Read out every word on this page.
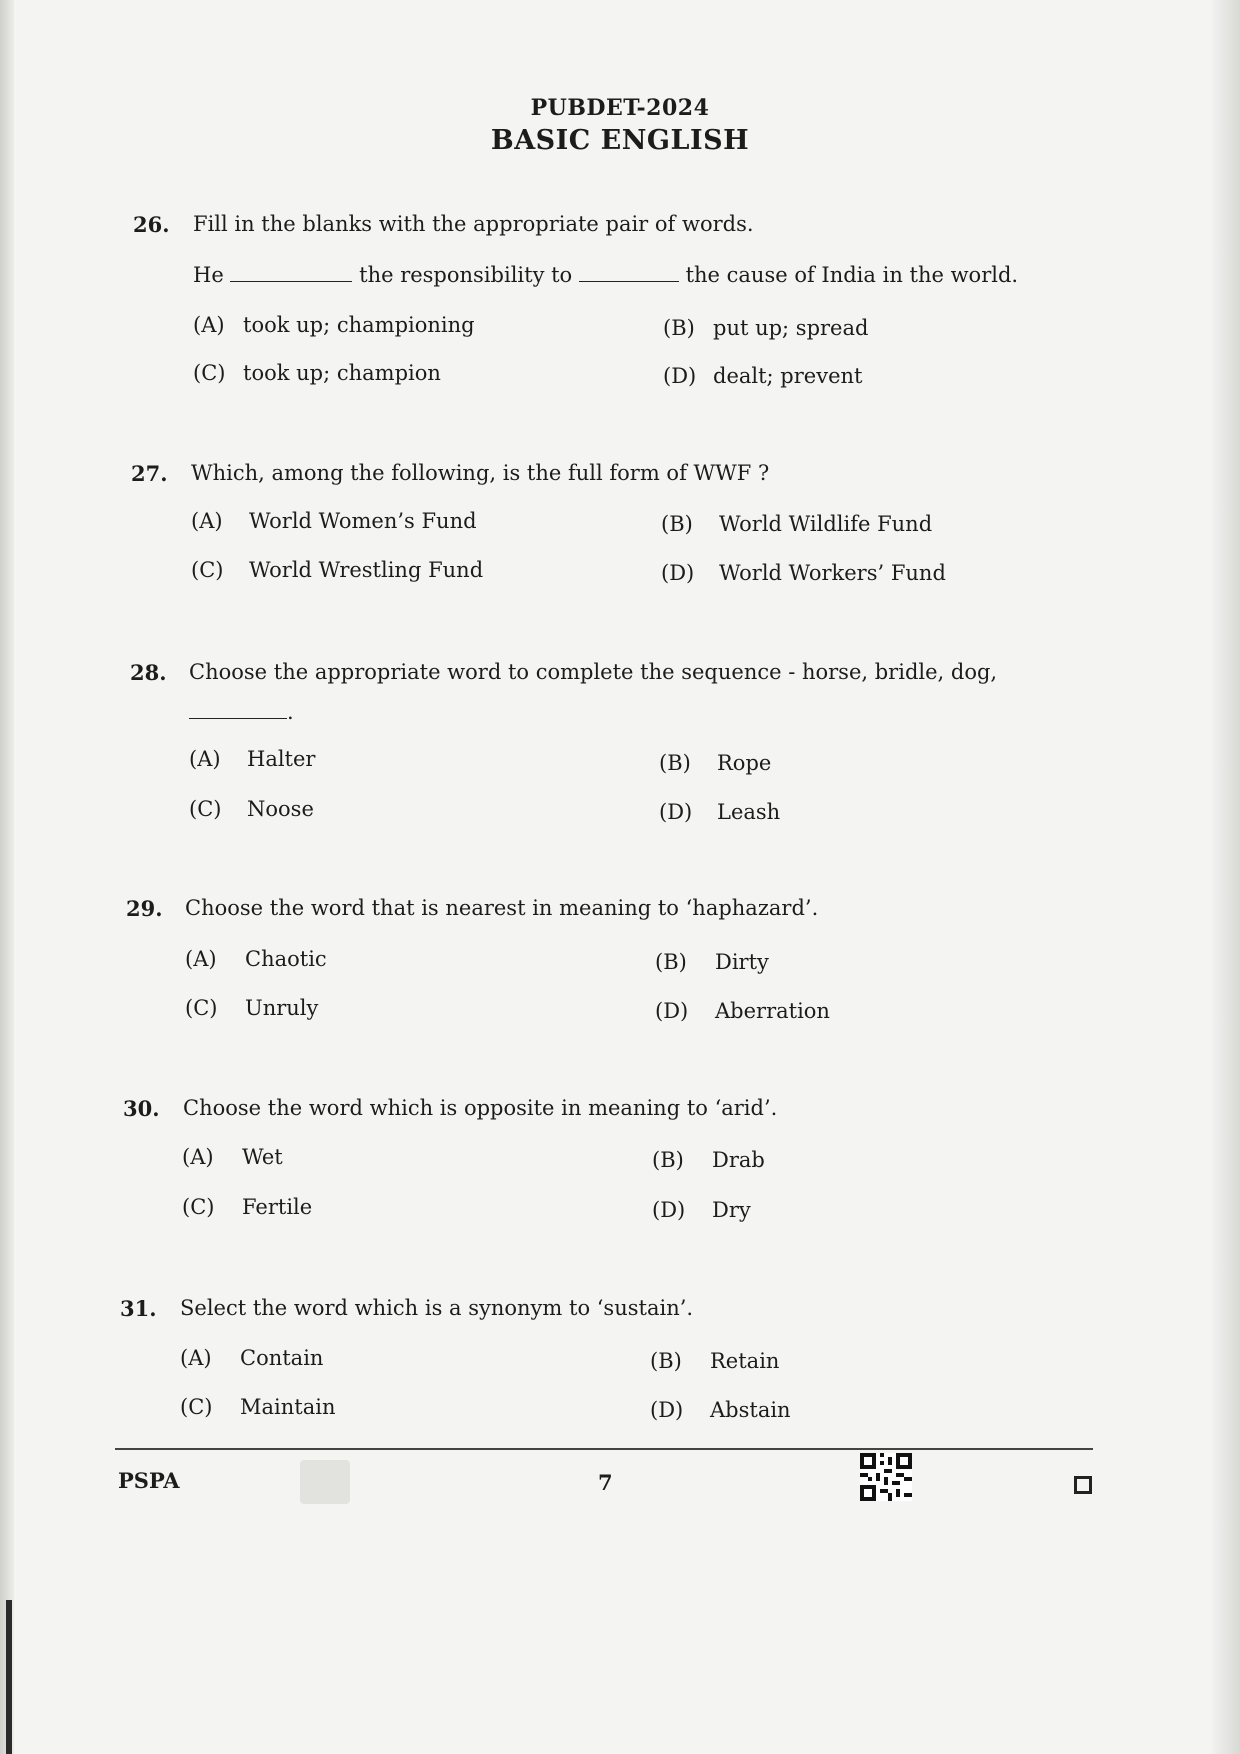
PUBDET-2024
BASIC ENGLISH
26. Fill in the blanks with the appropriate pair of words.
He	the responsibility to	the cause of India in the world.
(A) took up; championing	(B) put up; spread
(C) took up; champion	(D) dealt; prevent
27. Which, among the following, is the full form of WWF ?
(A) World Women’s Fund	(B) World Wildlife Fund
(C) World Wrestling Fund	(D) World Workers’ Fund
28. Choose the appropriate word to complete the sequence - horse, bridle, dog,
.
(A) Halter	(B) Rope
(C) Noose	(D) Leash
29. Choose the word that is nearest in meaning to ‘haphazard’.
(A) Chaotic	(B) Dirty
(C) Unruly	(D) Aberration
30. Choose the word which is opposite in meaning to ‘arid’.
(A) Wet	(B) Drab
(C) Fertile	(D) Dry
31. Select the word which is a synonym to ‘sustain’.
(A) Contain	(B) Retain
(C) Maintain	(D) Abstain
PSPA	7
